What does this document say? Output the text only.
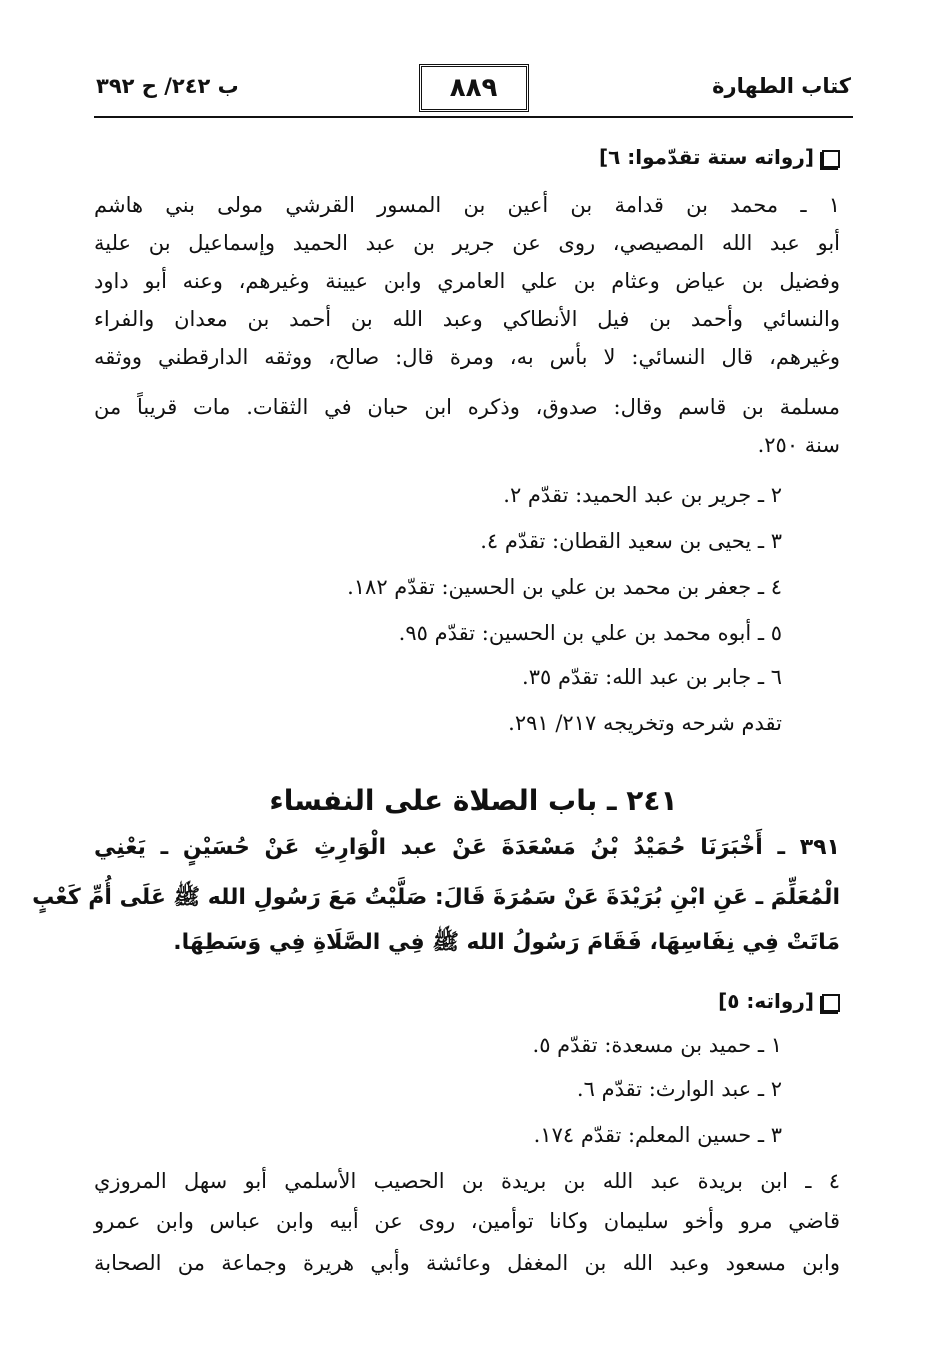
كتاب الطهارة
٨٨٩
ب ٢٤٢/ ح ٣٩٢
[رواته ستة تقدّموا: ٦]
١ ـ محمد بن قدامة بن أعين بن المسور القرشي مولى بني هاشم
أبو عبد الله المصيصي، روى عن جرير بن عبد الحميد وإسماعيل بن علية
وفضيل بن عياض وعثام بن علي العامري وابن عيينة وغيرهم، وعنه أبو داود
والنسائي وأحمد بن فيل الأنطاكي وعبد الله بن أحمد بن معدان والفراء
وغيرهم، قال النسائي: لا بأس به، ومرة قال: صالح، ووثقه الدارقطني ووثقه
مسلمة بن قاسم وقال: صدوق، وذكره ابن حبان في الثقات. مات قريباً من
سنة ٢٥٠.
٢ ـ جرير بن عبد الحميد: تقدّم ٢.
٣ ـ يحيى بن سعيد القطان: تقدّم ٤.
٤ ـ جعفر بن محمد بن علي بن الحسين: تقدّم ١٨٢.
٥ ـ أبوه محمد بن علي بن الحسين: تقدّم ٩٥.
٦ ـ جابر بن عبد الله: تقدّم ٣٥.
تقدم شرحه وتخريجه ٢١٧/ ٢٩١.
٢٤١ ـ باب الصلاة على النفساء
٣٩١ ـ أَخْبَرَنَا حُمَيْدُ بْنُ مَسْعَدَةَ عَنْ عبد الْوَارِثِ عَنْ حُسَيْنٍ ـ يَعْنِي
الْمُعَلِّمَ ـ عَنِ ابْنِ بُرَيْدَةَ عَنْ سَمُرَةَ قَالَ: صَلَّيْتُ مَعَ رَسُولِ الله ﷺ عَلَى أُمِّ كَعْبٍ
مَاتَتْ فِي نِفَاسِهَا، فَقَامَ رَسُولُ الله ﷺ فِي الصَّلَاةِ فِي وَسَطِهَا.
[رواته: ٥]
١ ـ حميد بن مسعدة: تقدّم ٥.
٢ ـ عبد الوارث: تقدّم ٦.
٣ ـ حسين المعلم: تقدّم ١٧٤.
٤ ـ ابن بريدة عبد الله بن بريدة بن الحصيب الأسلمي أبو سهل المروزي
قاضي مرو وأخو سليمان وكانا توأمين، روى عن أبيه وابن عباس وابن عمرو
وابن مسعود وعبد الله بن المغفل وعائشة وأبي هريرة وجماعة من الصحابة
